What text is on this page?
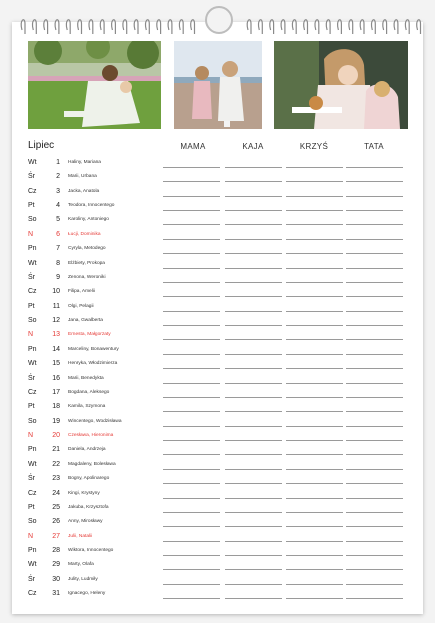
Lipiec	MAMA	KAJA	KRZYŚ	TATA
Wt	1 Haliny, Mariana
Śr	2 Marii, Urbana
Cz	3 Jacka, Anatola
Pt	4 Teodora, Innocentego
So	5 Karoliny, Antoniego
N	6 Łucji, Dominika
Pn	7 Cyryla, Metodego
Wt	8 Elżbiety, Prokopa
Śr	9 Zenona, Weroniki
Cz	10 Filipa, Amelii
Pt	11 Olgi, Pelagii
So	12 Jana, Gwalberta
N	13 Ernesta, Małgorzaty
Pn	14 Marceliny, Bonawentury
Wt	15 Henryka, Włodzimierza
Śr	16 Marii, Benedykta
Cz	17 Bogdana, Aleksego
Pt	18 Kamila, Szymona
So	19 Wincentego, Wodzisława
N	20 Czesława, Hieronima
Pn	21 Daniela, Andrzeja
Wt	22 Magdaleny, Bolesława
Śr	23 Bogny, Apolinarego
Cz	24 Kingi, Krystyny
Pt	25 Jakuba, Krzysztofa
So	26 Anny, Mirosławy
N	27 Julii, Natalii
Pn	28 Wiktora, Innocentego
Wt	29 Marty, Olafa
Śr	30 Julity, Ludmiły
Cz	31 Ignacego, Heleny
